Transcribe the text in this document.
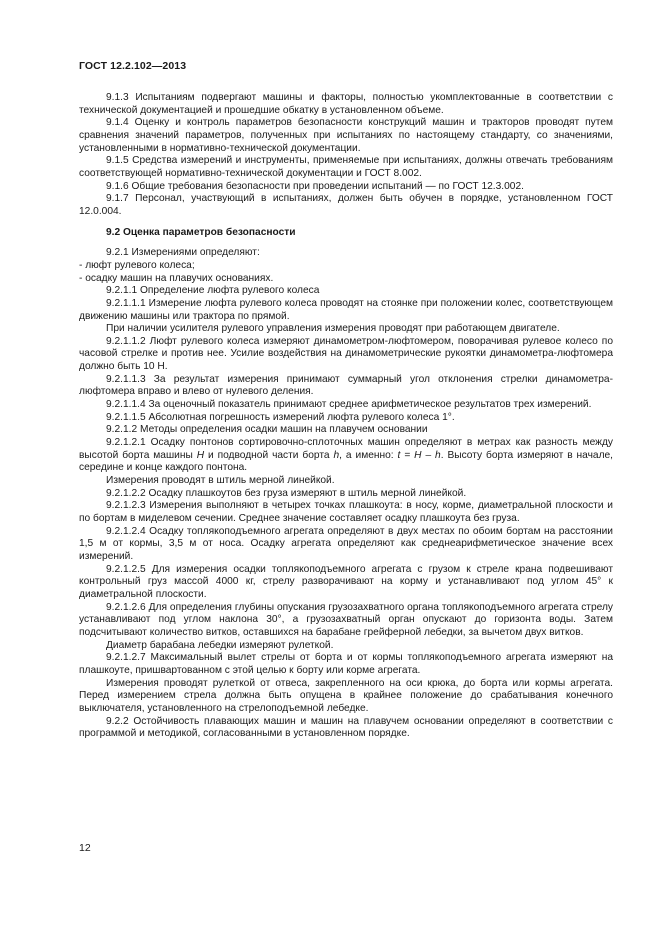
ГОСТ 12.2.102—2013

9.1.3 Испытаниям подвергают машины и факторы, полностью укомплектованные в соответствии с технической документацией и прошедшие обкатку в установленном объеме.

9.1.4 Оценку и контроль параметров безопасности конструкций машин и тракторов проводят путем сравнения значений параметров, полученных при испытаниях по настоящему стандарту, со значениями, установленными в нормативно-технической документации.

9.1.5 Средства измерений и инструменты, применяемые при испытаниях, должны отвечать требованиям соответствующей нормативно-технической документации и ГОСТ 8.002.

9.1.6 Общие требования безопасности при проведении испытаний — по ГОСТ 12.3.002.

9.1.7 Персонал, участвующий в испытаниях, должен быть обучен в порядке, установленном ГОСТ 12.0.004.

9.2 Оценка параметров безопасности

9.2.1 Измерениями определяют:

- люфт рулевого колеса;

- осадку машин на плавучих основаниях.

9.2.1.1 Определение люфта рулевого колеса

9.2.1.1.1 Измерение люфта рулевого колеса проводят на стоянке при положении колес, соответствующем движению машины или трактора по прямой.

При наличии усилителя рулевого управления измерения проводят при работающем двигателе.

9.2.1.1.2 Люфт рулевого колеса измеряют динамометром-люфтомером, поворачивая рулевое колесо по часовой стрелке и против нее. Усилие воздействия на динамометрические рукоятки динамометра-люфтомера должно быть 10 Н.

9.2.1.1.3 За результат измерения принимают суммарный угол отклонения стрелки динамометра-люфтомера вправо и влево от нулевого деления.

9.2.1.1.4 За оценочный показатель принимают среднее арифметическое результатов трех измерений.

9.2.1.1.5 Абсолютная погрешность измерений люфта рулевого колеса 1°.

9.2.1.2 Методы определения осадки машин на плавучем основании

9.2.1.2.1 Осадку понтонов сортировочно-сплоточных машин определяют в метрах как разность между высотой борта машины H и подводной части борта h, а именно: t = H – h. Высоту борта измеряют в начале, середине и конце каждого понтона.

Измерения проводят в штиль мерной линейкой.

9.2.1.2.2 Осадку плашкоутов без груза измеряют в штиль мерной линейкой.

9.2.1.2.3 Измерения выполняют в четырех точках плашкоута: в носу, корме, диаметральной плоскости и по бортам в миделевом сечении. Среднее значение составляет осадку плашкоута без груза.

9.2.1.2.4 Осадку топлякоподъемного агрегата определяют в двух местах по обоим бортам на расстоянии 1,5 м от кормы, 3,5 м от носа. Осадку агрегата определяют как среднеарифметическое значение всех измерений.

9.2.1.2.5 Для измерения осадки топлякоподъемного агрегата с грузом к стреле крана подвешивают контрольный груз массой 4000 кг, стрелу разворачивают на корму и устанавливают под углом 45° к диаметральной плоскости.

9.2.1.2.6 Для определения глубины опускания грузозахватного органа топлякоподъемного агрегата стрелу устанавливают под углом наклона 30°, а грузозахватный орган опускают до горизонта воды. Затем подсчитывают количество витков, оставшихся на барабане грейферной лебедки, за вычетом двух витков.

Диаметр барабана лебедки измеряют рулеткой.

9.2.1.2.7 Максимальный вылет стрелы от борта и от кормы топлякоподъемного агрегата измеряют на плашкоуте, пришвартованном с этой целью к борту или корме агрегата.

Измерения проводят рулеткой от отвеса, закрепленного на оси крюка, до борта или кормы агрегата. Перед измерением стрела должна быть опущена в крайнее положение до срабатывания конечного выключателя, установленного на стрелоподъемной лебедке.

9.2.2 Остойчивость плавающих машин и машин на плавучем основании определяют в соответствии с программой и методикой, согласованными в установленном порядке.

12
